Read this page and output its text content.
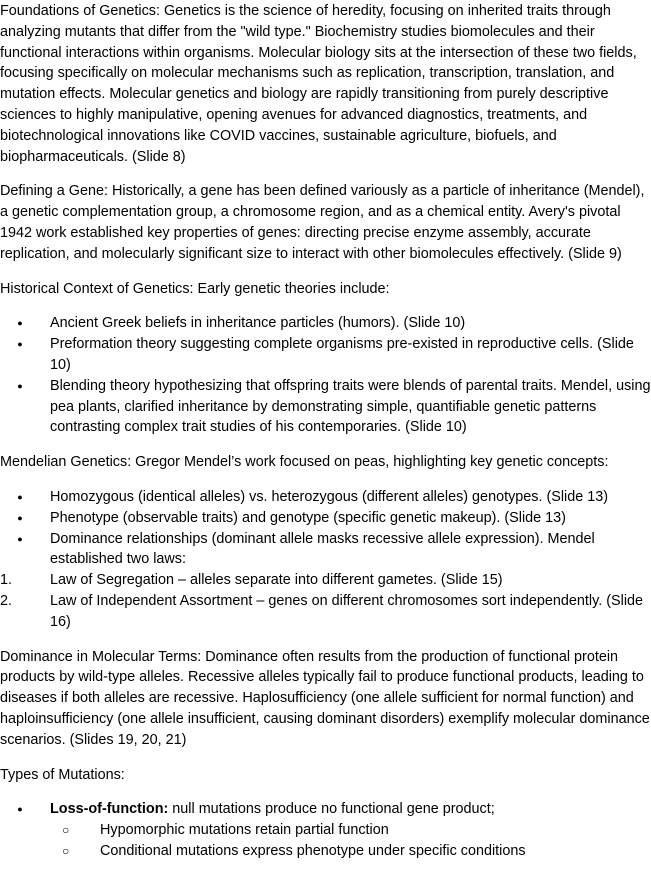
Foundations of Genetics: Genetics is the science of heredity, focusing on inherited traits through analyzing mutants that differ from the "wild type." Biochemistry studies biomolecules and their functional interactions within organisms. Molecular biology sits at the intersection of these two fields, focusing specifically on molecular mechanisms such as replication, transcription, translation, and mutation effects. Molecular genetics and biology are rapidly transitioning from purely descriptive sciences to highly manipulative, opening avenues for advanced diagnostics, treatments, and biotechnological innovations like COVID vaccines, sustainable agriculture, biofuels, and biopharmaceuticals. (Slide 8)

Defining a Gene: Historically, a gene has been defined variously as a particle of inheritance (Mendel), a genetic complementation group, a chromosome region, and as a chemical entity. Avery's pivotal 1942 work established key properties of genes: directing precise enzyme assembly, accurate replication, and molecularly significant size to interact with other biomolecules effectively. (Slide 9)

Historical Context of Genetics: Early genetic theories include:

●	Ancient Greek beliefs in inheritance particles (humors). (Slide 10)
●	Preformation theory suggesting complete organisms pre-existed in reproductive cells. (Slide 10)
●	Blending theory hypothesizing that offspring traits were blends of parental traits. Mendel, using pea plants, clarified inheritance by demonstrating simple, quantifiable genetic patterns contrasting complex trait studies of his contemporaries. (Slide 10)

Mendelian Genetics: Gregor Mendel’s work focused on peas, highlighting key genetic concepts:

●	Homozygous (identical alleles) vs. heterozygous (different alleles) genotypes. (Slide 13)
●	Phenotype (observable traits) and genotype (specific genetic makeup). (Slide 13)
●	Dominance relationships (dominant allele masks recessive allele expression). Mendel established two laws:
1.	Law of Segregation – alleles separate into different gametes. (Slide 15)
2.	Law of Independent Assortment – genes on different chromosomes sort independently. (Slide 16)

Dominance in Molecular Terms: Dominance often results from the production of functional protein products by wild-type alleles. Recessive alleles typically fail to produce functional products, leading to diseases if both alleles are recessive. Haplosufficiency (one allele sufficient for normal function) and haploinsufficiency (one allele insufficient, causing dominant disorders) exemplify molecular dominance scenarios. (Slides 19, 20, 21)

Types of Mutations:

●	Loss-of-function: null mutations produce no functional gene product;
○	Hypomorphic mutations retain partial function
○	Conditional mutations express phenotype under specific conditions
